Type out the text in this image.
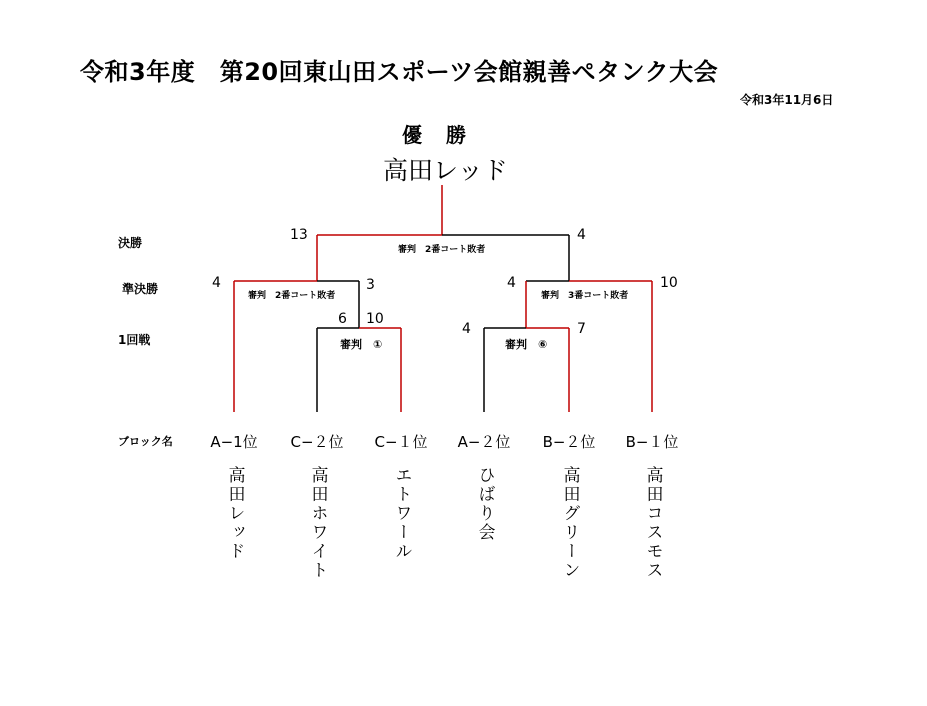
令和3年度　第20回東山田スポーツ会館親善ペタンク大会
令和3年11月6日
優　勝
高田レッド
決勝
準決勝
1回戦
ブロック名
13	4
審判　2番コート敗者
4	3
審判　2番コート敗者
4	10
審判　3番コート敗者
6 10
審判　①
4	7
審判　⑥
A−1位 C−２位 C−１位 A−２位 B−２位 B−１位
高田レッド	高田ホワイト	エトワール	ひばり会	高田グリーン	高田コスモス
